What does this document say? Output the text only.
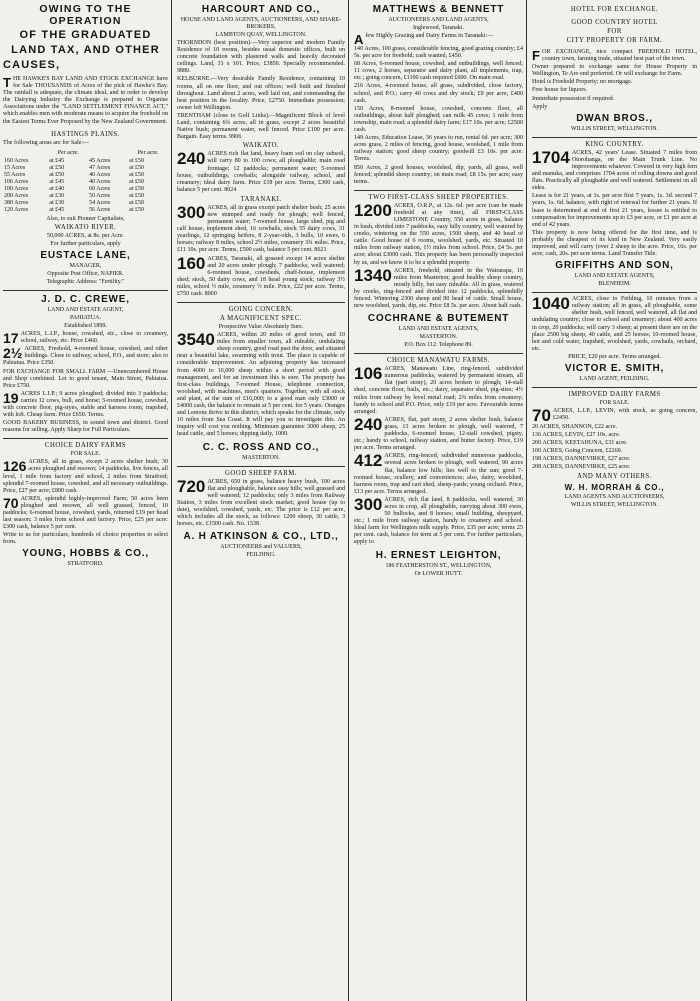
OWING TO THE OPERATION
OF THE GRADUATED
LAND TAX, AND OTHER
CAUSES,
T HE HAWKE'S BAY LAND AND STOCK EXCHANGE have for Sale THOUSANDS of Acres of the pick of Hawke's Bay. The rainfall is adequate, the climate ideal, and in order to develop the Dairying Industry the Exchange is prepared to Organise Associations under the "LAND SETTLEMENT FINANCE ACT," which enables men with moderate means to acquire the freehold on the Easiest Terms Ever Proposed by the New Zealand Government.

HASTINGS PLAINS.

The following areas are for Sale:—

	Per acre.		Per acre.
160 Acres	at £45	45 Acres	at £50
15 Acres	at £50	47 Acres	at £50
55 Acres	at £50	40 Acres	at £50
106 Acres	at £45	40 Acres	at £50
100 Acres	at £40	60 Acres	at £50
200 Acres	at £30	50 Acres	at £50
380 Acres	at £30	54 Acres	at £50
120 Acres	at £45	56 Acres	at £50

Also, to suit Pioneer Capitalists,

WAIKATO RIVER.

50,000 ACRES, at 8s. per Acre.

For further particulars, apply

EUSTACE LANE,
MANAGER,
Opposite Post Office, NAPIER.
Telegraphic Address: "Fertility."
J. D. C. CREWE,
LAND AND ESTATE AGENT,
PAHIATUA.
Established 1899.
17 ACRES, L.I.P., house, cowshed, etc., close to creamery, school, railway, etc. Price £460.

2½ ACRES, Freehold, 4-roomed house, cowshed, and other buildings. Close to railway, school, P.O., and store; also to Pahiatua. Price £350.

FOR EXCHANGE FOR SMALL FARM —Unencumbered House and Shop combined. Let to good tenant, Main Street, Pahiatua. Price £750.

19 ACRES L.I.P.; 9 acres ploughed; divided into 3 paddocks; carries 12 cows, bull, and horse; 5-roomed house, cowshed, with concrete floor, pig-styes, stable and harness room, trapshed, with loft. Cheap farm. Price £650. Terms.

GOOD BAKERY BUSINESS, in sound town and district. Good reasons for selling. Apply Sharp for Full Particulars.

CHOICE DAIRY FARMS
FOR SALE.
126 ACRES, all in grass, except 2 acres shelter bush; 30 acres ploughed and resown; 14 paddocks, live fences, all level, 1 mile from factory and school, 2 miles from Stratford; splendid 7-roomed house, cowshed, and all necessary outbuildings. Price, £27 per acre; £800 cash.

70 ACRES, splendid highly-improved Farm; 50 acres been ploughed and resown, all well grassed, fenced, 10 paddocks; 6-roomed house, cowshed, yards, returned £19 per head last season; 3 miles from school and factory. Price, £25 per acre: £300 cash, balance 5 per cent.

Write to us for particulars, hundreds of choice properties to select from.

YOUNG, HOBBS & CO.,
STRATFORD.
HARCOURT AND CO.,
HOUSE AND LAND AGENTS, AUCTIONEERS, AND SHARE-BROKERS,
LAMBTON QUAY, WELLINGTON.

THORNDON (best position).—Very superior and modern Family Residence of 10 rooms, besides usual domestic offices, built on concrete foundation with plastered walls and heavily decorated ceilings. Land, 31 x 101. Price, £3850. Specially recommended. 9880.

KELBURNE.—Very desirable Family Residence, containing 10 rooms, all on one floor, and out offices; well built and finished throughout. Land about 2 acres, well laid out, and commanding the best position in the locality. Price, £2750. Immediate possession; owner left Wellington.

TRENTHAM (close to Golf Links).—Magnificent Block of level Land, containing 6¾ acres, all in grass, except 2 acres beautiful Native bush; permanent water, well fenced. Price £100 per acre. Bargain. Easy terms. 9906

WAIKATO.
240 ACRES rich flat land, heavy loam soil on clay subsoil, will carry 80 to 100 cows; all ploughable; main road frontage; 12 paddocks; permanent water; 5-roomed house, outbuildings, cowbails; alongside railway, school, and creamery; ideal dairy farm. Price £18 per acre. Terms, £300 cash, balance 5 per cent. 8024

TARANAKI.
300 ACRES, all in grass except patch shelter bush; 25 acres new stumped and ready for plough; well fenced, permanent water; 7-roomed house, large shed, pig and calf house, implement shed, 16 cowbails, stock 55 dairy cows, 31 yearlings, 12 springing heifers, 8 2-year-olds, 3 bulls, 10 ewes, 6 horses; railway 8 miles, school 2½ miles, creamery 3¾ miles. Price, £11 10s. per acre. Terms, £500 cash, balance 5 per cent. 8621

160 ACRES, Taranaki, all grassed except 14 acres shelter and 20 acres under plough; 7 paddocks, well watered; 6-roomed house, cowsheds, chaff-house, implement shed; stock, 50 dairy cows, and 18 head young stock; railway 3½ miles, school ½ mile, creamery ½ mile. Price, £22 per acre. Terms, £750 cash. 8000

GOING CONCERN.
A MAGNIFICENT SPEC.
Prospective Value Absolutely Sure.
3540 ACRES, within 20 miles of good town, and 10 miles from smaller town, all rideable, undulating sheep country, good road past the door, and situated near a beautiful lake, swarming with trout. The place is capable of considerable improvement. An adjoining property has increased from 4000 to 10,000 sheep within a short period with good management, and for an investment this is sure. The property has first-class buildings, 7-roomed House, telephone connection, woolshed, with machines, men's quarters. Together, with all stock and plant, at the sum of £16,000; to a good man only £3000 or £4000 cash, the balance to remain at 5 per cent. for 5 years. Oranges and Lemons thrive in this district, which speaks for the climate, only 10 miles from Sea Coast. It will pay you to investigate this. An inquiry will cost you nothing. Minimum guarantee 3000 sheep, 25 head cattle, and 5 horses; dipping daily, 1000.

C. C. ROSS AND CO.,
MASTERTON.
GOOD SHEEP FARM.
720 ACRES, 650 in grass, balance heavy bush, 100 acres flat and ploughable, balance easy hills; well grassed and well watered; 12 paddocks; only 3 miles from Railway Station, 3 miles from excellent stock market; good house (up to date), woolshed, cowshed, yards, etc. The price is £12 per acre, which includes all the stock, as follows: 1200 sheep, 30 cattle, 3 horses, etc. £1500 cash. No. 1538.

A. H ATKINSON & CO., LTD.,
AUCTIONEERS and VALUERS,
FEILDING.
MATTHEWS & BENNETT
AUCTIONEERS AND LAND AGENTS,
Inglewood, Taranaki.
A few Highly Grazing and Dairy Farms in Taranaki:—

140 Acres, 100 grass, considerable fencing, good grazing country; £4 5s. per acre for freehold; cash wanted, £450.

68 Acres, 6-roomed house, cowshed, and outbuildings, well fenced; 11 cows, 2 horses, separator and dairy plant, all implements, trap, etc.; going concern, £1100 cash required £600. On main road.

216 Acres, 4-roomed house, all grass, subdivided, close factory, school, and P.O.; carry 40 cows and dry stock; £9 per acre, £400 cash.

150 Acres, 8-roomed house, cowshed, concrete floor, all outbuildings, about half ploughed; can milk 45 cows; 1 mile from township, main road; a splendid dairy farm; £17 10s. per acre; £2500 cash.

149 Acres, Education Lease, 36 years to run, rental 6d. per acre; 300 acres grass, 2 miles of fencing, good house, woolshed, 1 mile from railway station; good sheep country; goodwill £3 10s. per acre. Terms.

850 Acres, 2 good houses, woolshed, dip, yards, all grass, well fenced; splendid sheep country; on main road; £8 15s. per acre; easy terms.

TWO FIRST-CLASS SHEEP PROPERTIES.
1200 ACRES, O.R.P., at 12s. 6d. per acre (can be made freehold at any time), all FIRST-CLASS LIMESTONE Country, 550 acres in grass, balance in bush, divided into 7 paddocks, easy hilly country, well watered by creeks, wintering on the 550 acres, 1500 sheep, and 40 head of cattle. Good house of 6 rooms, woolshed, yards, etc. Situated 10 miles from railway station, 1½ miles from school. Price, £4 5s. per acre; about £3000 cash. This property has been personally inspected by us, and we know it to be a splendid property.

1340 ACRES, freehold, situated in the Wairarapa, 10 miles from Masterton; good healthy sheep country, mostly hilly, but easy rideable. All in grass, watered by creeks, ring-fenced and divided into 12 paddocks, splendidly fenced. Wintering 2300 sheep and 80 head of cattle. Small house, new woolshed, yards, dip, etc. Price £8 5s. per acre. About half cash.

COCHRANE & BUTEMENT
LAND AND ESTATE AGENTS,
MASTERTON.
P.O. Box 112. Telephone 89.
CHOICE MANAWATU FARMS.
106 ACRES, Manawatu Line, ring-fenced, subdivided numerous paddocks, watered by permanent stream, all flat (part stony), 20 acres broken to plough; 14-stall shed, concrete floor, bails, etc.; dairy, separator shed, pig-sties; 4½ miles from railway by level metal road; 2¾ miles from creamery; handy to school and P.O. Price, only £19 per acre. Favourable terms arranged.

240 ACRES, flat, part stony, 2 acres shelter bush, balance grass, 13 acres broken to plough, well watered, 7 paddocks, 6-roomed house, 12-stall cowshed, pigsty, etc.; handy to school, railway station, and butter factory. Price, £19 per acre. Terms arranged.

412 ACRES, ring-fenced, subdivided numerous paddocks, several acres broken to plough, well watered, 90 acres flat, balance low hills; lies well to the sun; good 7-roomed house, scullery, and conveniences; also, dairy, woolshed, harness room, trap and cart shed, sheep-yards; young orchard. Price, £13 per acre. Terms arranged.

300 ACRES, rich flat land, 8 paddocks, well watered, 30 acres in crop, all ploughable, carrying about 300 ewes, 50 bullocks, and 8 horses; small building, sheepyard, etc.; 1 mile from railway station, handy to creamery and school. Ideal farm for Wellington milk supply. Price, £35 per acre; terms 25 per cent. cash, balance for term at 5 per cent. For further particulars, apply to

H. ERNEST LEIGHTON,
186 FEATHERSTON ST., WELLINGTON,
Or LOWER HUTT.
HOTEL FOR EXCHANGE.
GOOD COUNTRY HOTEL
FOR
CITY PROPERTY OR FARM.
F OR EXCHANGE, nice compact FREEHOLD HOTEL, country town, farming trade, situated best part of the town.

Owner prepared to exchange same for House Property in Wellington, Te Aro end preferred. Or will exchange for Farm.

Hotel is Freehold Property; no mortgage.

Free house for liquors.

Immediate possession if required.

Apply

DWAN BROS.,
WILLIS STREET, WELLINGTON.
KING COUNTRY.
1704 ACRES, 42 years' Lease. Situated 7 miles from Otorohanga, on the Main Trunk Line. No improvements whatever. Covered in very high fern and manuka, and comprises 1704 acres of rolling downs and good flats. Practically all ploughable and well watered. Settlement on all sides.

Lease is for 21 years, at 1s. per acre first 7 years, 1s. 3d. second 7 years, 1s. 6d. balance, with right of renewal for further 21 years. If lease is determined at end of first 21 years, lessee is entitled to compensation for improvements up to £3 per acre, or £1 per acre at end of 42 years.

This property is now being offered for the first time, and is probably the cheapest of its kind in New Zealand. Very easily improved, and will carry (over 2 sheep to the acre. Price, 16s. per acre; cash, 20s. per acre terms. Land Transfer Title.

GRIFFITHS AND SON,
LAND AND ESTATE AGENTS,
BLENHEIM.
1040 ACRES, close to Feilding, 10 minutes from a railway station; all in grass, all ploughable, some shelter bush, well fenced, well watered, all flat and undulating country; close to school and creamery; about 400 acres in crop, 20 paddocks; will carry 3 sheep; at present there are on the place 2500 big sheep, 40 cattle, and 25 horses; 10-roomed house, hot and cold water, trapshed, woolshed, yards, cowbails, orchard, etc.

PRICE, £20 per acre. Terms arranged.

VICTOR E. SMITH,
LAND AGENT, FEILDING.
IMPROVED DAIRY FARMS
FOR SALE.
70 ACRES, L.I.P., LEVIN, with stock, as going concern, £2450.

20 ACRES, SHANNON, £22 acre.

136 ACRES, LEVIN, £27 10s. acre.

200 ACRES, KEETAHUNA, £31 acre.

100 ACRES, Going Concern, £2260.

198 ACRES, DANNEVIRKE, £27 acre.

208 ACRES, DANNEVIRKE, £25 acre.

AND MANY OTHERS.
W. H. MORRAH & CO.,
LAND AGENTS AND AUCTIONEERS,
WILLIS STREET, WELLINGTON.
